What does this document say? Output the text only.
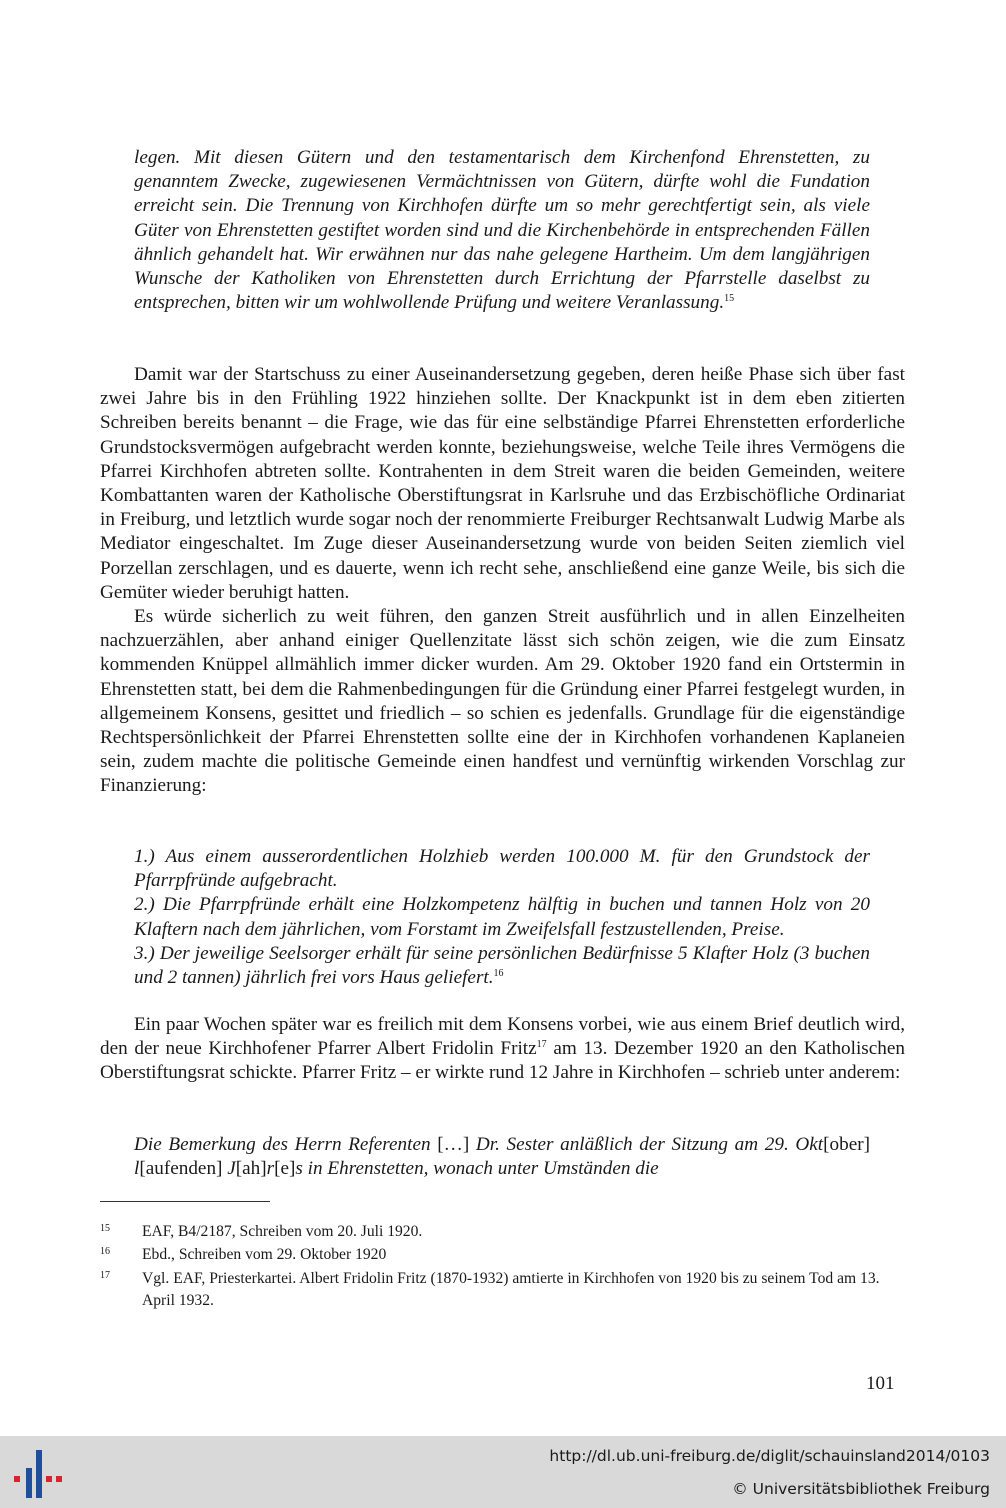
legen. Mit diesen Gütern und den testamentarisch dem Kirchenfond Ehrenstetten, zu genanntem Zwecke, zugewiesenen Vermächtnissen von Gütern, dürfte wohl die Fundation erreicht sein. Die Trennung von Kirchhofen dürfte um so mehr gerechtfertigt sein, als viele Güter von Ehrenstetten gestiftet worden sind und die Kirchenbehörde in entsprechenden Fällen ähnlich gehandelt hat. Wir erwähnen nur das nahe gelegene Hartheim. Um dem langjährigen Wunsche der Katholiken von Ehrenstetten durch Errichtung der Pfarrstelle daselbst zu entsprechen, bitten wir um wohlwollende Prüfung und weitere Veranlassung.$^{15}$

Damit war der Startschuss zu einer Auseinandersetzung gegeben, deren heiße Phase sich über fast zwei Jahre bis in den Frühling 1922 hinziehen sollte. Der Knackpunkt ist in dem eben zitierten Schreiben bereits benannt – die Frage, wie das für eine selbständige Pfarrei Ehrenstetten erforderliche Grundstocksvermögen aufgebracht werden konnte, beziehungsweise, welche Teile ihres Vermögens die Pfarrei Kirchhofen abtreten sollte. Kontrahenten in dem Streit waren die beiden Gemeinden, weitere Kombattanten waren der Katholische Oberstiftungsrat in Karlsruhe und das Erzbischöfliche Ordinariat in Freiburg, und letztlich wurde sogar noch der renommierte Freiburger Rechtsanwalt Ludwig Marbe als Mediator eingeschaltet. Im Zuge dieser Auseinandersetzung wurde von beiden Seiten ziemlich viel Porzellan zerschlagen, und es dauerte, wenn ich recht sehe, anschließend eine ganze Weile, bis sich die Gemüter wieder beruhigt hatten.

Es würde sicherlich zu weit führen, den ganzen Streit ausführlich und in allen Einzelheiten nachzuerzählen, aber anhand einiger Quellenzitate lässt sich schön zeigen, wie die zum Einsatz kommenden Knüppel allmählich immer dicker wurden. Am 29. Oktober 1920 fand ein Ortstermin in Ehrenstetten statt, bei dem die Rahmenbedingungen für die Gründung einer Pfarrei festgelegt wurden, in allgemeinem Konsens, gesittet und friedlich – so schien es jedenfalls. Grundlage für die eigenständige Rechtspersönlichkeit der Pfarrei Ehrenstetten sollte eine der in Kirchhofen vorhandenen Kaplaneien sein, zudem machte die politische Gemeinde einen handfest und vernünftig wirkenden Vorschlag zur Finanzierung:

1.) Aus einem ausserordentlichen Holzhieb werden 100.000 M. für den Grundstock der Pfarrpfründe aufgebracht.

2.) Die Pfarrpfründe erhält eine Holzkompetenz hälftig in buchen und tannen Holz von 20 Klaftern nach dem jährlichen, vom Forstamt im Zweifelsfall festzustellenden, Preise.

3.) Der jeweilige Seelsorger erhält für seine persönlichen Bedürfnisse 5 Klafter Holz (3 buchen und 2 tannen) jährlich frei vors Haus geliefert.$^{16}$

Ein paar Wochen später war es freilich mit dem Konsens vorbei, wie aus einem Brief deutlich wird, den der neue Kirchhofener Pfarrer Albert Fridolin Fritz$^{17}$ am 13. Dezember 1920 an den Katholischen Oberstiftungsrat schickte. Pfarrer Fritz – er wirkte rund 12 Jahre in Kirchhofen – schrieb unter anderem:

Die Bemerkung des Herrn Referenten […] Dr. Sester anläßlich der Sitzung am 29. Okt[ober] l[aufenden] J[ah]r[e]s in Ehrenstetten, wonach unter Umständen die

15 EAF, B4/2187, Schreiben vom 20. Juli 1920.
16 Ebd., Schreiben vom 29. Oktober 1920
17 Vgl. EAF, Priesterkartei. Albert Fridolin Fritz (1870-1932) amtierte in Kirchhofen von 1920 bis zu seinem Tod am 13. April 1932.
101
http://dl.ub.uni-freiburg.de/diglit/schauinsland2014/0103
© Universitätsbibliothek Freiburg
